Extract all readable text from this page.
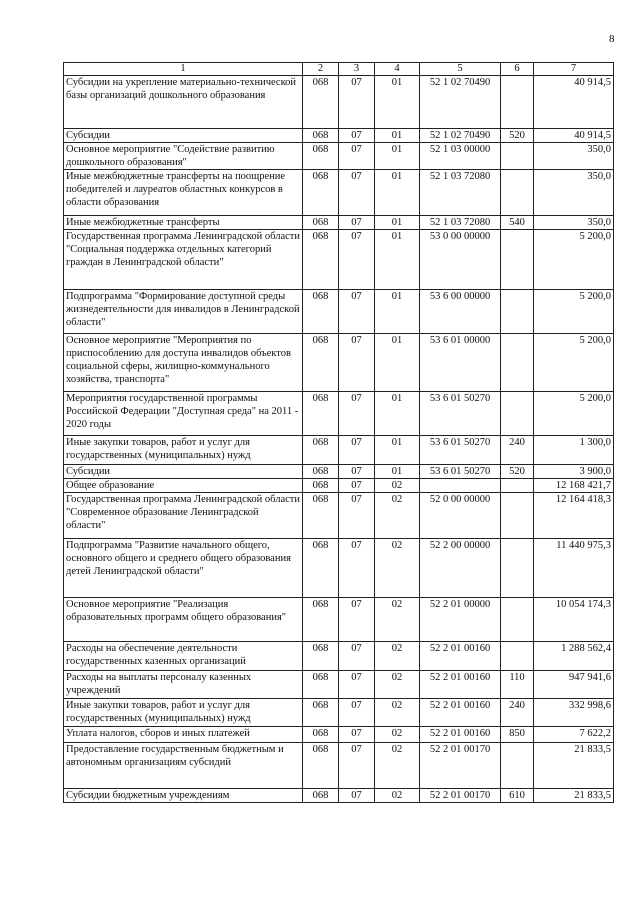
8
1	2	3	4	5	6	7
Субсидии на укрепление материально-технической базы организаций дошкольного образования	068	07	01	52 1 02 70490		40 914,5
Субсидии	068	07	01	52 1 02 70490	520	40 914,5
Основное мероприятие "Содействие развитию дошкольного образования"	068	07	01	52 1 03 00000		350,0
Иные межбюджетные трансферты на поощрение победителей и лауреатов областных конкурсов в области образования	068	07	01	52 1 03 72080		350,0
Иные межбюджетные трансферты	068	07	01	52 1 03 72080	540	350,0
Государственная программа Ленинградской области "Социальная поддержка отдельных категорий граждан в Ленинградской области"	068	07	01	53 0 00 00000		5 200,0
Подпрограмма "Формирование доступной среды жизнедеятельности для инвалидов в Ленинградской области"	068	07	01	53 6 00 00000		5 200,0
Основное мероприятие "Мероприятия по приспособлению для доступа инвалидов объектов социальной сферы, жилищно-коммунального хозяйства, транспорта"	068	07	01	53 6 01 00000		5 200,0
Мероприятия государственной программы Российской Федерации "Доступная среда" на 2011 - 2020 годы	068	07	01	53 6 01 50270		5 200,0
Иные закупки товаров, работ и услуг для государственных (муниципальных) нужд	068	07	01	53 6 01 50270	240	1 300,0
Субсидии	068	07	01	53 6 01 50270	520	3 900,0
Общее образование	068	07	02			12 168 421,7
Государственная программа Ленинградской области "Современное образование Ленинградской области"	068	07	02	52 0 00 00000		12 164 418,3
Подпрограмма "Развитие начального общего, основного общего и среднего общего образования детей Ленинградской области"	068	07	02	52 2 00 00000		11 440 975,3
Основное мероприятие "Реализация образовательных программ общего образования"	068	07	02	52 2 01 00000		10 054 174,3
Расходы на обеспечение деятельности государственных казенных организаций	068	07	02	52 2 01 00160		1 288 562,4
Расходы на выплаты персоналу казенных учреждений	068	07	02	52 2 01 00160	110	947 941,6
Иные закупки товаров, работ и услуг для государственных (муниципальных) нужд	068	07	02	52 2 01 00160	240	332 998,6
Уплата налогов, сборов и иных платежей	068	07	02	52 2 01 00160	850	7 622,2
Предоставление государственным бюджетным и автономным организациям субсидий	068	07	02	52 2 01 00170		21 833,5
Субсидии бюджетным учреждениям	068	07	02	52 2 01 00170	610	21 833,5
